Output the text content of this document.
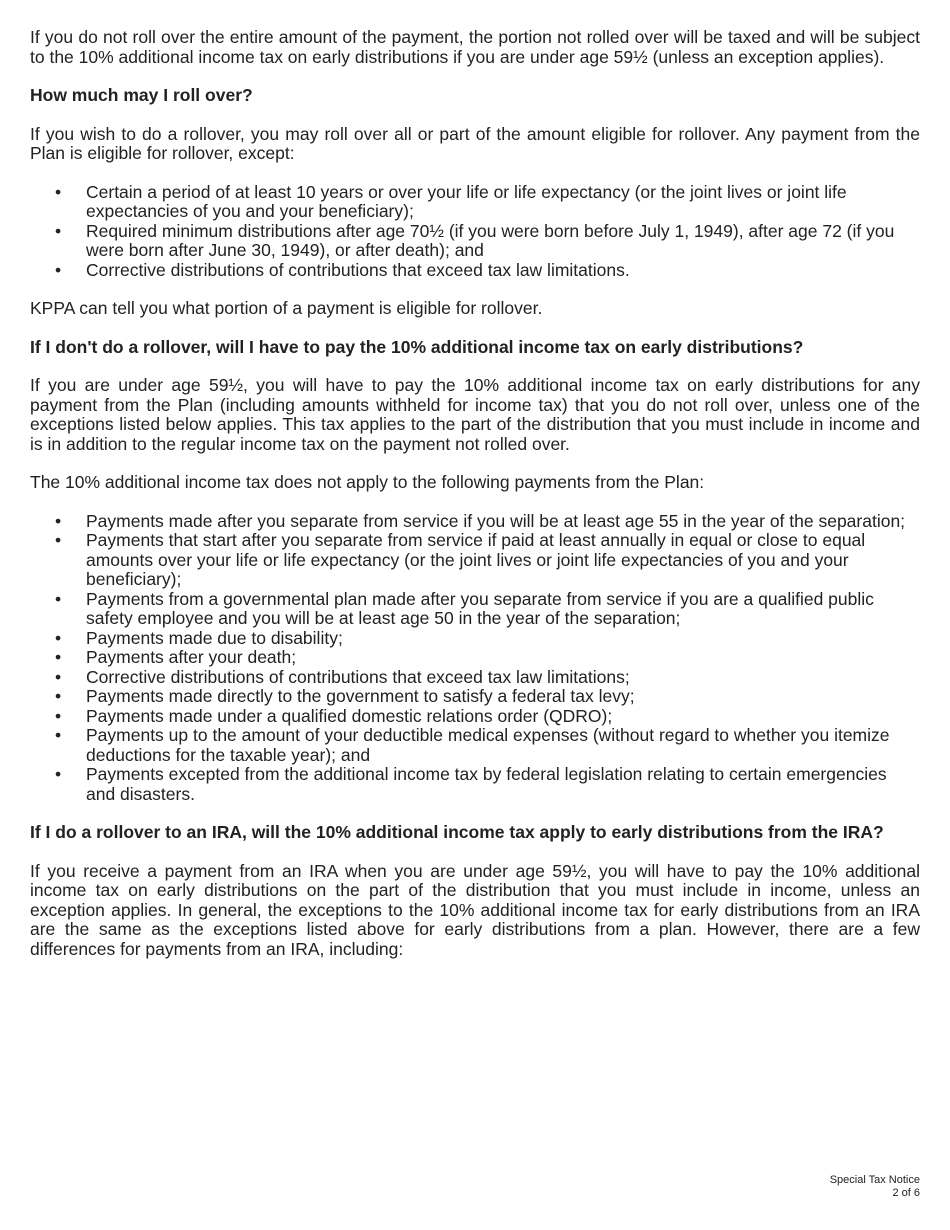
If you do not roll over the entire amount of the payment, the portion not rolled over will be taxed and will be subject to the 10% additional income tax on early distributions if you are under age 59½ (unless an exception applies).

How much may I roll over?

If you wish to do a rollover, you may roll over all or part of the amount eligible for rollover. Any payment from the Plan is eligible for rollover, except:

• Certain a period of at least 10 years or over your life or life expectancy (or the joint lives or joint life expectancies of you and your beneficiary);
• Required minimum distributions after age 70½ (if you were born before July 1, 1949), after age 72 (if you were born after June 30, 1949), or after death); and
• Corrective distributions of contributions that exceed tax law limitations.

KPPA can tell you what portion of a payment is eligible for rollover.

If I don't do a rollover, will I have to pay the 10% additional income tax on early distributions?

If you are under age 59½, you will have to pay the 10% additional income tax on early distributions for any payment from the Plan (including amounts withheld for income tax) that you do not roll over, unless one of the exceptions listed below applies. This tax applies to the part of the distribution that you must include in income and is in addition to the regular income tax on the payment not rolled over.

The 10% additional income tax does not apply to the following payments from the Plan:

• Payments made after you separate from service if you will be at least age 55 in the year of the separation;
• Payments that start after you separate from service if paid at least annually in equal or close to equal amounts over your life or life expectancy (or the joint lives or joint life expectancies of you and your beneficiary);
• Payments from a governmental plan made after you separate from service if you are a qualified public safety employee and you will be at least age 50 in the year of the separation;
• Payments made due to disability;
• Payments after your death;
• Corrective distributions of contributions that exceed tax law limitations;
• Payments made directly to the government to satisfy a federal tax levy;
• Payments made under a qualified domestic relations order (QDRO);
• Payments up to the amount of your deductible medical expenses (without regard to whether you itemize deductions for the taxable year); and
• Payments excepted from the additional income tax by federal legislation relating to certain emergencies and disasters.
If I do a rollover to an IRA, will the 10% additional income tax apply to early distributions from the IRA?

If you receive a payment from an IRA when you are under age 59½, you will have to pay the 10% additional income tax on early distributions on the part of the distribution that you must include in income, unless an exception applies. In general, the exceptions to the 10% additional income tax for early distributions from an IRA are the same as the exceptions listed above for early distributions from a plan. However, there are a few differences for payments from an IRA, including:

Special Tax Notice
2 of 6
